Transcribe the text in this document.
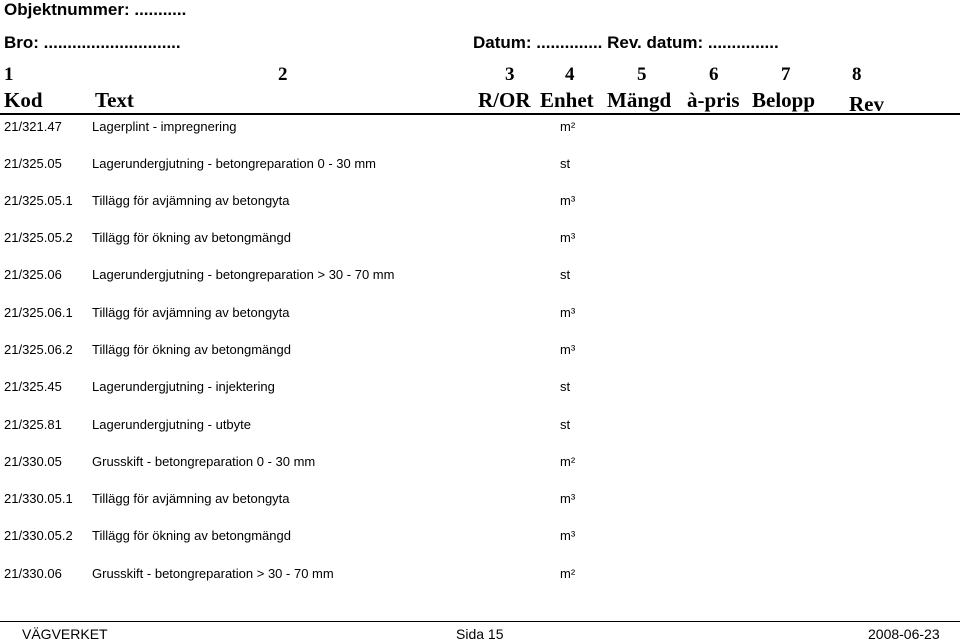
Objektnummer: ...........
Bro: .............................	Datum: .............. Rev. datum: ...............
1	2	3	4	5	6	7	8
Kod Text	R/OR Enhet Mängd à-pris Belopp Rev
21/321.47 Lagerplint - impregnering	m²
21/325.05 Lagerundergjutning - betongreparation 0 - 30 mm	st
21/325.05.1 Tillägg för avjämning av betongyta	m³
21/325.05.2 Tillägg för ökning av betongmängd	m³
21/325.06 Lagerundergjutning - betongreparation > 30 - 70 mm	st
21/325.06.1 Tillägg för avjämning av betongyta	m³
21/325.06.2 Tillägg för ökning av betongmängd	m³
21/325.45 Lagerundergjutning - injektering	st
21/325.81 Lagerundergjutning - utbyte	st
21/330.05 Grusskift - betongreparation 0 - 30 mm	m²
21/330.05.1 Tillägg för avjämning av betongyta	m³
21/330.05.2 Tillägg för ökning av betongmängd	m³
21/330.06 Grusskift - betongreparation > 30 - 70 mm	m²
VÄGVERKET	Sida 15	2008-06-23
